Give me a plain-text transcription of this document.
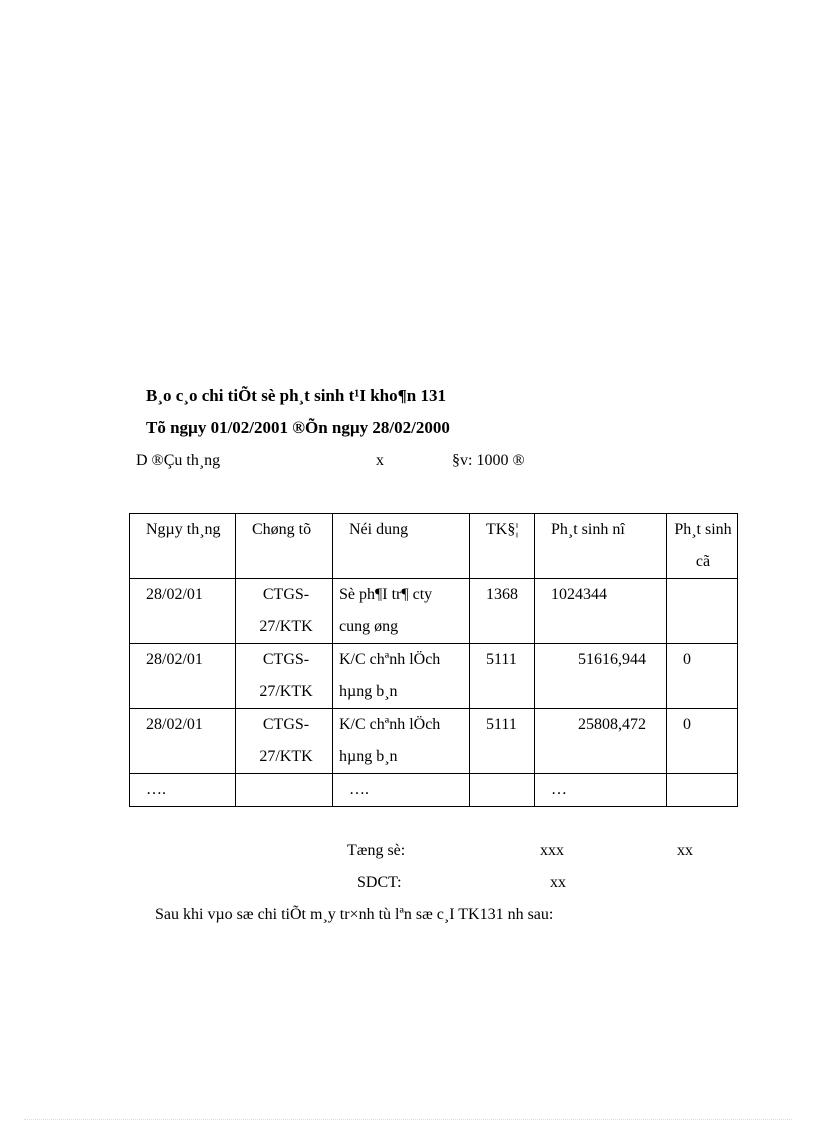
B¸o c¸o chi tiÕt sè ph¸t sinh t¹I kho¶n 131
Tõ ngµy 01/02/2001 ®Õn ngµy 28/02/2000
D ®Çu th¸ng	x	§v: 1000 ®
Ngµy th¸ng	Chøng tõ	Néi dung	TK§¦	Ph¸t sinh nî	Ph¸t sinh cã
28/02/01	CTGS-27/KTK	Sè ph¶I tr¶ cty cung øng	1368	1024344	
28/02/01	CTGS-27/KTK	K/C chªnh lÖch hµng b¸n	5111	51616,944	0
28/02/01	CTGS-27/KTK	K/C chªnh lÖch hµng b¸n	5111	25808,472	0
….		….		…	
Tæng sè:	xxx	xx
SDCT:	xx
Sau khi vµo sæ chi tiÕt m¸y tr×nh tù lªn sæ c¸I TK131 nh sau:
